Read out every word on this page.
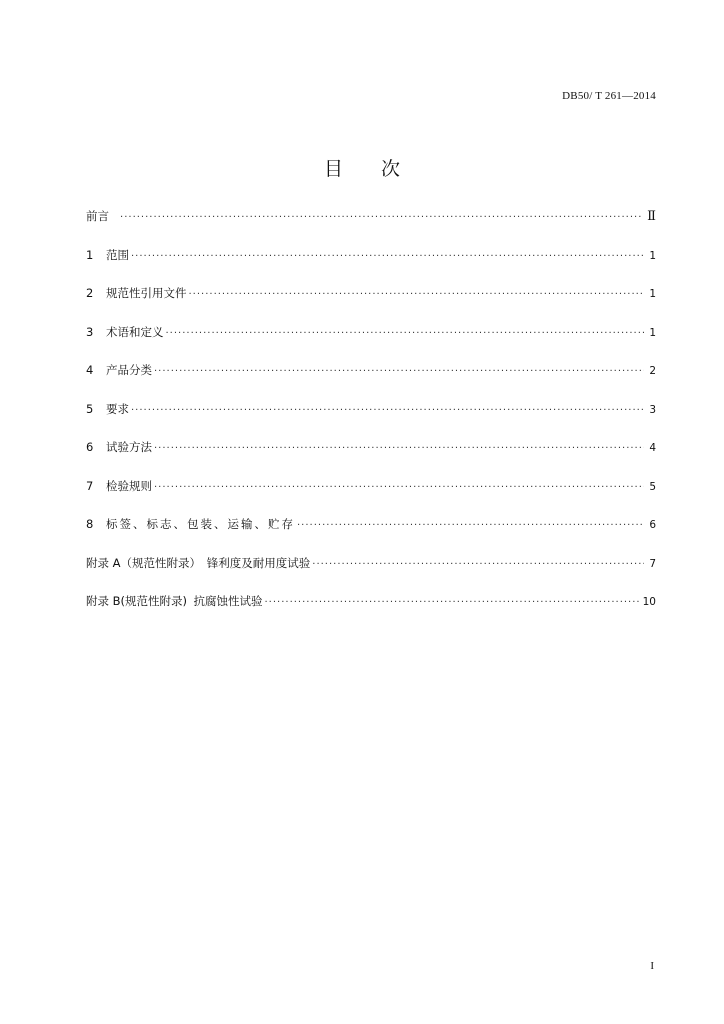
DB50/ T 261—2014
目次
前言 ·····	Ⅱ
1	范围 ·····	1
2	规范性引用文件 ·····	1
3	术语和定义 ·····	1
4	产品分类 ·····	2
5	要求 ·····	3
6	试验方法 ·····	4
7	检验规则 ·····	5
8	标签、标志、包装、运输、贮存 ·····	6
附录 A（规范性附录） 锋利度及耐用度试验 ·····	7
附录 B(规范性附录) 抗腐蚀性试验 ·····	10
I
